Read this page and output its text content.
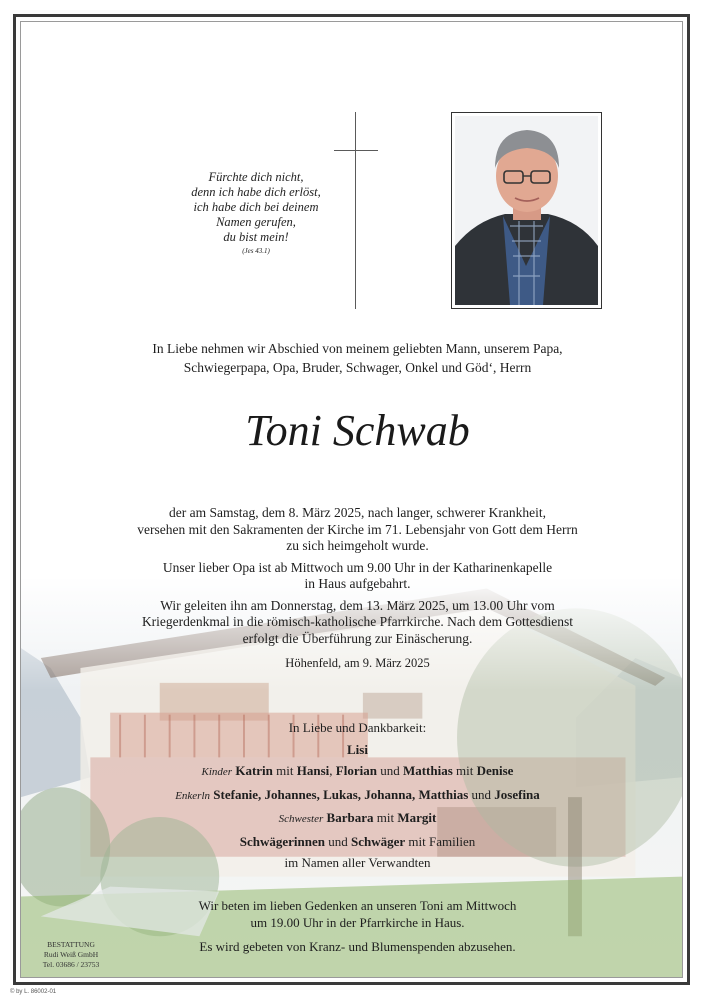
Fürchte dich nicht,
denn ich habe dich erlöst,
ich habe dich bei deinem
Namen gerufen,
du bist mein!
(Jes 43.1)
In Liebe nehmen wir Abschied von meinem geliebten Mann, unserem Papa,
Schwiegerpapa, Opa, Bruder, Schwager, Onkel und Göd‘, Herrn
Toni Schwab

der am Samstag, dem 8. März 2025, nach langer, schwerer Krankheit,
versehen mit den Sakramenten der Kirche im 71. Lebensjahr von Gott dem Herrn
zu sich heimgeholt wurde.

Unser lieber Opa ist ab Mittwoch um 9.00 Uhr in der Katharinenkapelle
in Haus aufgebahrt.

Wir geleiten ihn am Donnerstag, dem 13. März 2025, um 13.00 Uhr vom
Kriegerdenkmal in die römisch-katholische Pfarrkirche. Nach dem Gottesdienst
erfolgt die Überführung zur Einäscherung.

Höhenfeld, am 9. März 2025

In Liebe und Dankbarkeit:
Lisi
Kinder Katrin mit Hansi, Florian und Matthias mit Denise
Enkerln Stefanie, Johannes, Lukas, Johanna, Matthias und Josefina
Schwester Barbara mit Margit
Schwägerinnen und Schwäger mit Familien
im Namen aller Verwandten

Wir beten im lieben Gedenken an unseren Toni am Mittwoch
um 19.00 Uhr in der Pfarrkirche in Haus.

Es wird gebeten von Kranz- und Blumenspenden abzusehen.

BESTATTUNG
Rudi Weiß GmbH
Tel. 03686 / 23753
© by L. 86002-01
